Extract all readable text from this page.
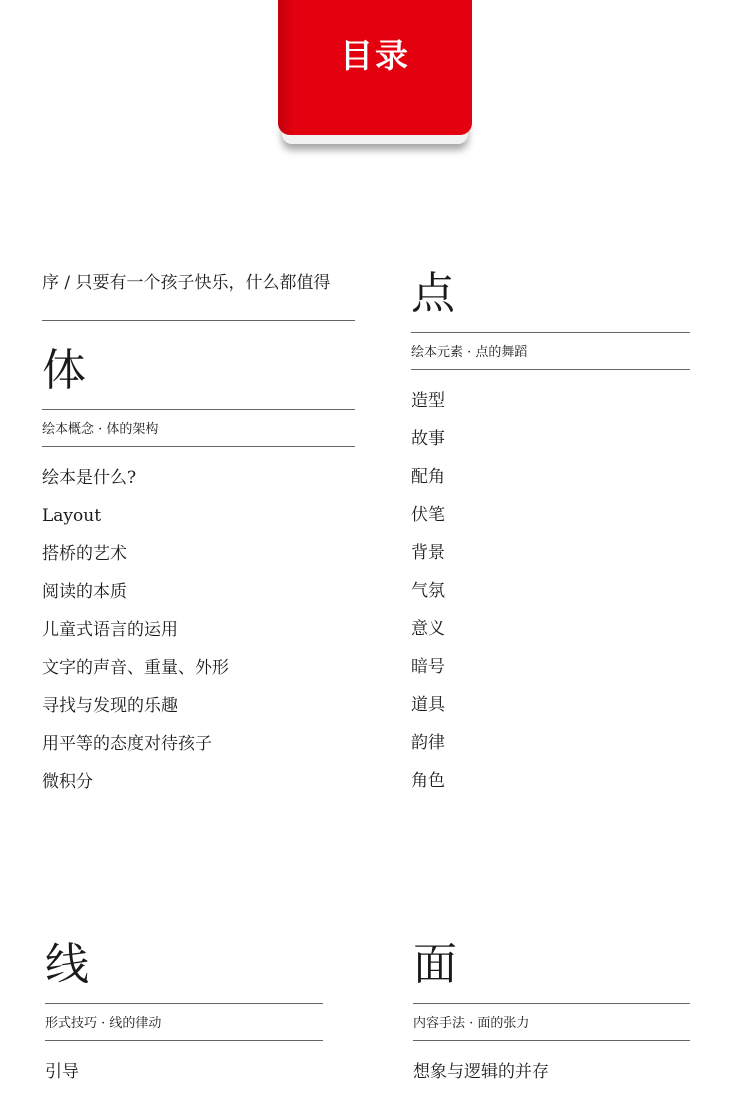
目录
序 / 只要有一个孩子快乐，什么都值得
体
绘本概念 · 体的架构
绘本是什么?
Layout
搭桥的艺术
阅读的本质
儿童式语言的运用
文字的声音、重量、外形
寻找与发现的乐趣
用平等的态度对待孩子
微积分
点
绘本元素 · 点的舞蹈
造型
故事
配角
伏笔
背景
气氛
意义
暗号
道具
韵律
角色
线
形式技巧 · 线的律动
引导
面
内容手法 · 面的张力
想象与逻辑的并存
